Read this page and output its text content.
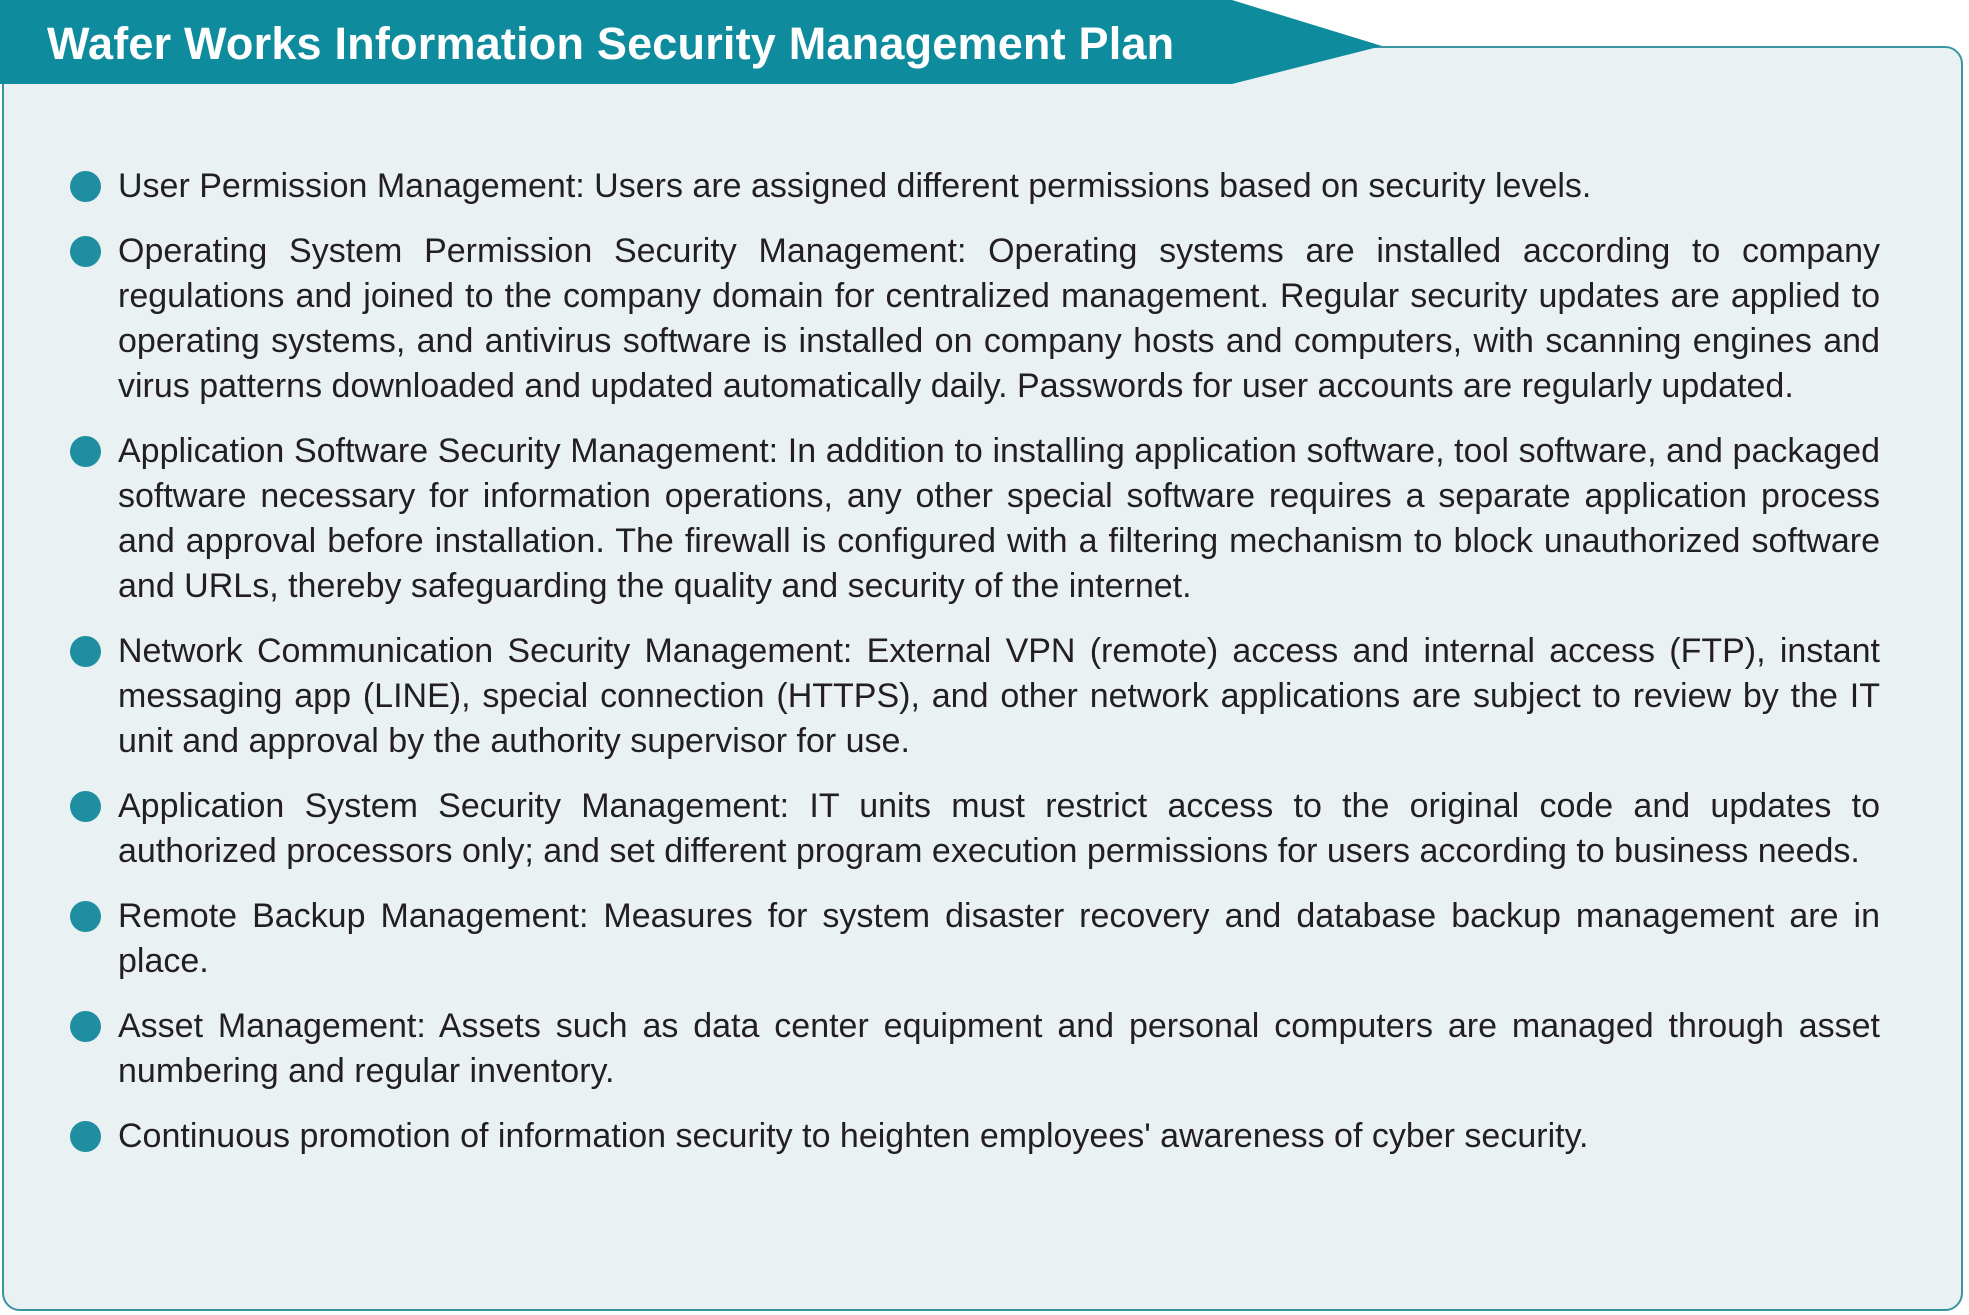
Wafer Works Information Security Management Plan
User Permission Management: Users are assigned different permissions based on security levels.
Operating System Permission Security Management: Operating systems are installed according to company regulations and joined to the company domain for centralized management. Regular security updates are applied to operating systems, and antivirus software is installed on company hosts and computers, with scanning engines and virus patterns downloaded and updated automatically daily. Passwords for user accounts are regularly updated.
Application Software Security Management: In addition to installing application software, tool software, and packaged software necessary for information operations, any other special software requires a separate application process and approval before installation. The firewall is configured with a filtering mechanism to block unauthorized software and URLs, thereby safeguarding the quality and security of the internet.
Network Communication Security Management: External VPN (remote) access and internal access (FTP), instant messaging app (LINE), special connection (HTTPS), and other network applications are subject to review by the IT unit and approval by the authority supervisor for use.
Application System Security Management: IT units must restrict access to the original code and updates to authorized processors only; and set different program execution permissions for users according to business needs.
Remote Backup Management: Measures for system disaster recovery and database backup management are in place.
Asset Management: Assets such as data center equipment and personal computers are managed through asset numbering and regular inventory.
Continuous promotion of information security to heighten employees' awareness of cyber security.
